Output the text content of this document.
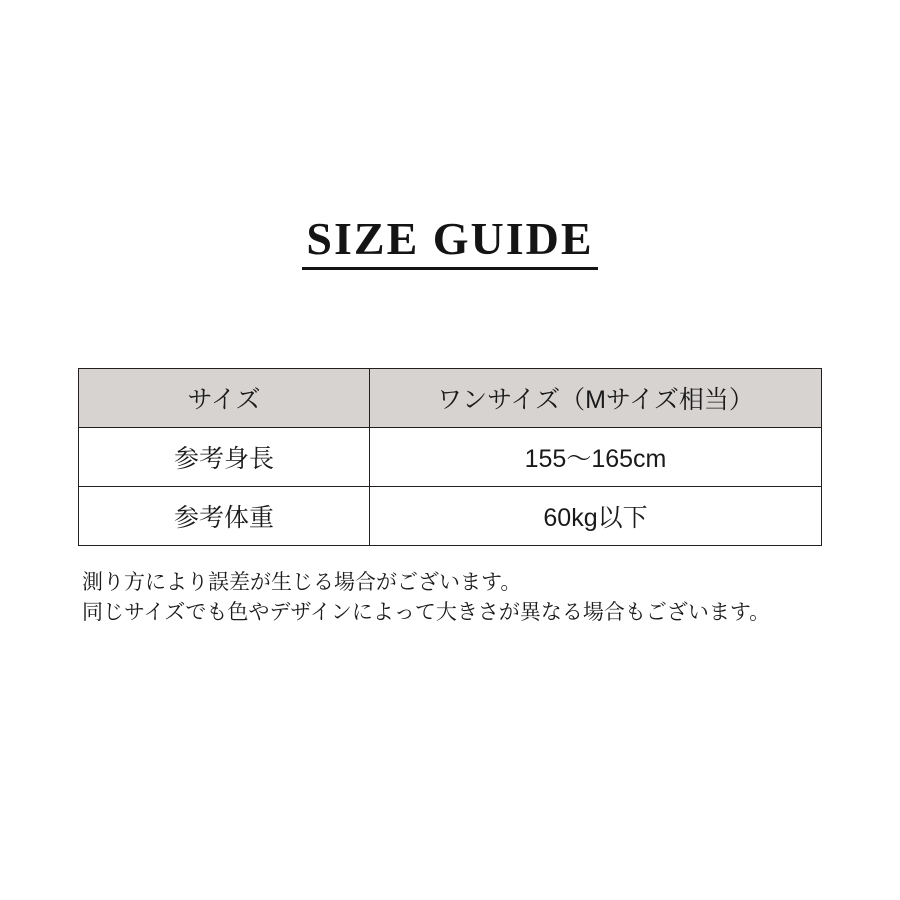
SIZE GUIDE
サイズ	ワンサイズ（Mサイズ相当）
参考身長	155〜165cm
参考体重	60kg以下
測り方により誤差が生じる場合がございます。
同じサイズでも色やデザインによって大きさが異なる場合もございます。
